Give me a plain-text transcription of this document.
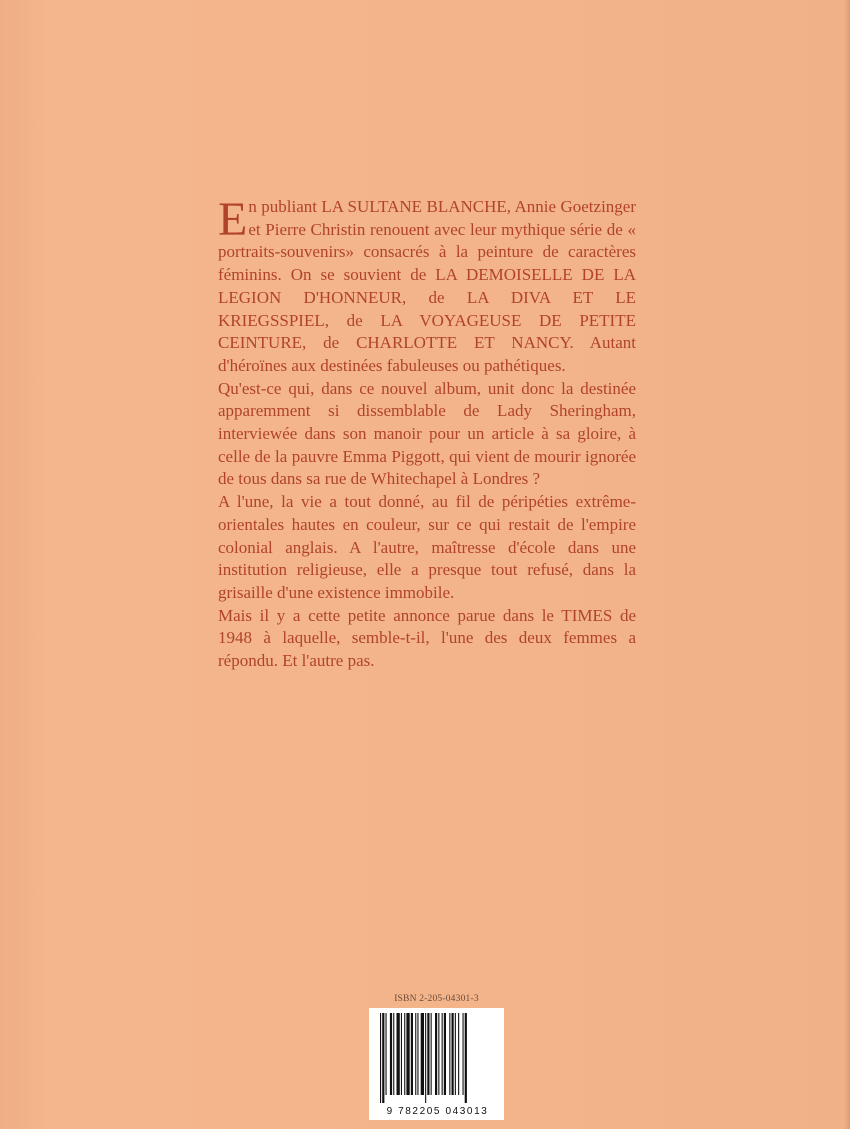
En publiant LA SULTANE BLANCHE, Annie Goetzinger et Pierre Christin renouent avec leur mythique série de « portraits-souvenirs» consacrés à la peinture de caractères féminins. On se souvient de LA DEMOISELLE DE LA LEGION D'HONNEUR, de LA DIVA ET LE KRIEGSSPIEL, de LA VOYAGEUSE DE PETITE CEINTURE, de CHARLOTTE ET NANCY. Autant d'héroïnes aux destinées fabuleuses ou pathétiques.

Qu'est-ce qui, dans ce nouvel album, unit donc la destinée apparemment si dissemblable de Lady Sheringham, interviewée dans son manoir pour un article à sa gloire, à celle de la pauvre Emma Piggott, qui vient de mourir ignorée de tous dans sa rue de Whitechapel à Londres ?

A l'une, la vie a tout donné, au fil de péripéties extrême-orientales hautes en couleur, sur ce qui restait de l'empire colonial anglais. A l'autre, maîtresse d'école dans une institution religieuse, elle a presque tout refusé, dans la grisaille d'une existence immobile.

Mais il y a cette petite annonce parue dans le TIMES de 1948 à laquelle, semble-t-il, l'une des deux femmes a répondu. Et l'autre pas.

ISBN 2-205-04301-3
9 782205 043013
